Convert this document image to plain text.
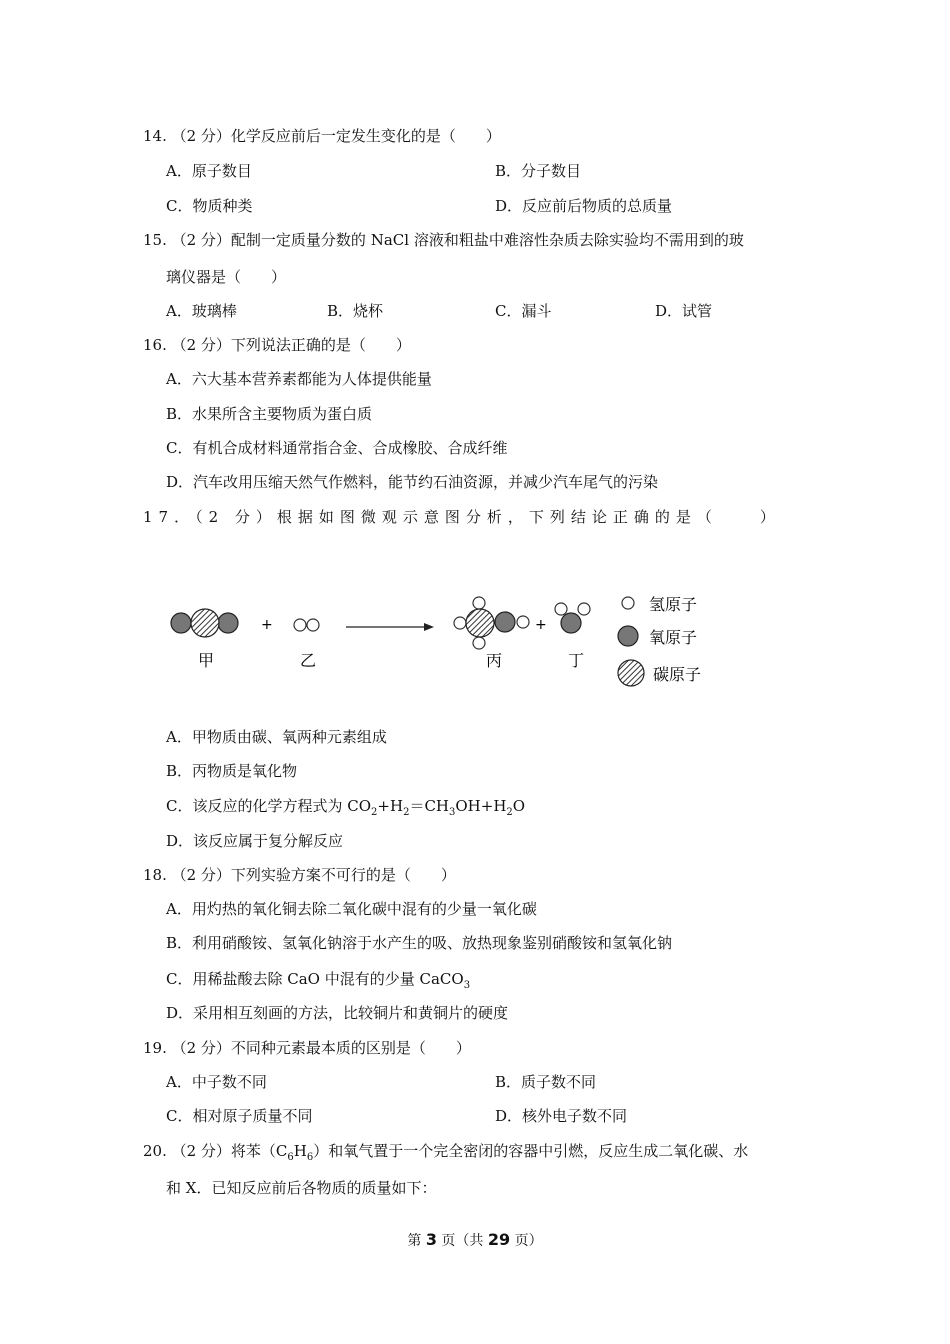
14. （2 分）化学反应前后一定发生变化的是（　　）
A．原子数目	B．分子数目
C．物质种类	D．反应前后物质的总质量
15. （2 分）配制一定质量分数的 NaCl 溶液和粗盐中难溶性杂质去除实验均不需用到的玻
璃仪器是（　　）
A．玻璃棒	B．烧杯	C．漏斗	D．试管
16. （2 分）下列说法正确的是（　　）
A．六大基本营养素都能为人体提供能量
B．水果所含主要物质为蛋白质
C．有机合成材料通常指合金、合成橡胶、合成纤维
D．汽车改用压缩天然气作燃料，能节约石油资源，并减少汽车尾气的污染
17．（2 分）根据如图微观示意图分析，下列结论正确的是（　　）
+	+
甲	乙	丙	丁
氢原子
氧原子
碳原子
A．甲物质由碳、氧两种元素组成
B．丙物质是氧化物
C．该反应的化学方程式为 $CO_2+H_2=CH_3OH+H_2O$
D．该反应属于复分解反应
18. （2 分）下列实验方案不可行的是（　　）
A．用灼热的氧化铜去除二氧化碳中混有的少量一氧化碳
B．利用硝酸铵、氢氧化钠溶于水产生的吸、放热现象鉴别硝酸铵和氢氧化钠
C．用稀盐酸去除 CaO 中混有的少量 CaCO$_3$
D．采用相互刻画的方法，比较铜片和黄铜片的硬度
19. （2 分）不同种元素最本质的区别是（　　）
A．中子数不同	B．质子数不同
C．相对原子质量不同	D．核外电子数不同
20. （2 分）将苯$(C_6H_6)$和氧气置于一个完全密闭的容器中引燃，反应生成二氧化碳、水
和 X．已知反应前后各物质的质量如下：
第 3 页（共 29 页）
